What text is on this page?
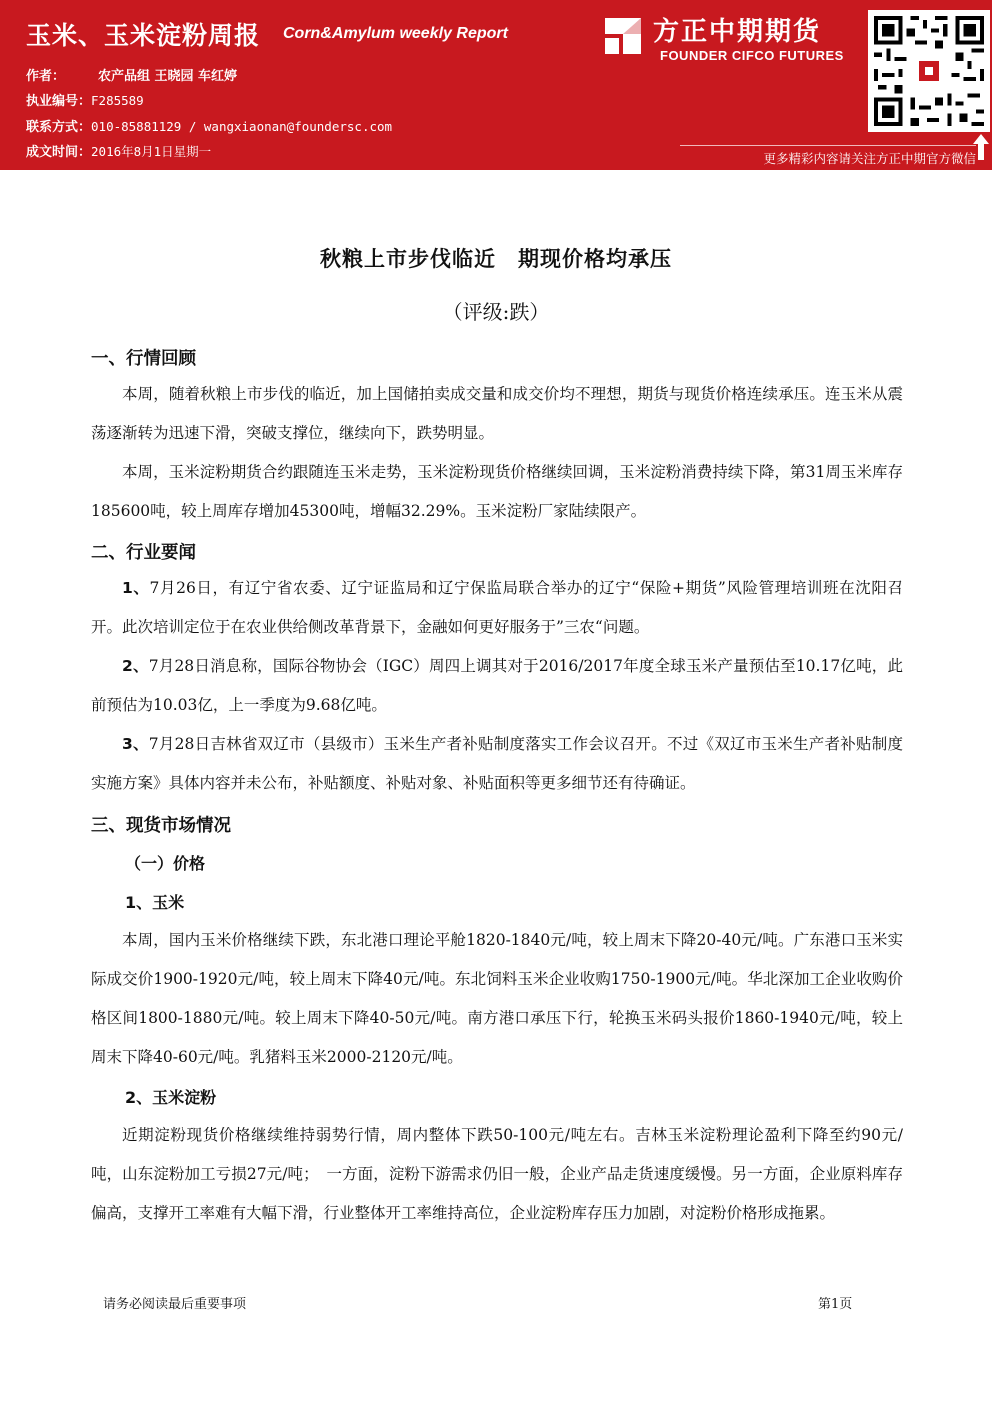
玉米、玉米淀粉周报 Corn&Amylum weekly Report
作者：	农产品组 王晓园 车红婷
执业编号：F285589
联系方式：010-85881129 / wangxiaonan@foundersc.com
成文时间：2016年8月1日星期一
方正中期期货
FOUNDER CIFCO FUTURES
更多精彩内容请关注方正中期官方微信
秋粮上市步伐临近　期现价格均承压
（评级:跌）
一、行情回顾
本周，随着秋粮上市步伐的临近，加上国储拍卖成交量和成交价均不理想，期货与现货价格连续承压。连玉米从震荡逐渐转为迅速下滑，突破支撑位，继续向下，跌势明显。
本周，玉米淀粉期货合约跟随连玉米走势，玉米淀粉现货价格继续回调，玉米淀粉消费持续下降，第31周玉米库存185600吨，较上周库存增加45300吨，增幅32.29%。玉米淀粉厂家陆续限产。
二、行业要闻
1、7月26日，有辽宁省农委、辽宁证监局和辽宁保监局联合举办的辽宁“保险+期货”风险管理培训班在沈阳召开。此次培训定位于在农业供给侧改革背景下，金融如何更好服务于”三农“问题。
2、7月28日消息称，国际谷物协会（IGC）周四上调其对于2016/2017年度全球玉米产量预估至10.17亿吨，此前预估为10.03亿，上一季度为9.68亿吨。
3、7月28日吉林省双辽市（县级市）玉米生产者补贴制度落实工作会议召开。不过《双辽市玉米生产者补贴制度实施方案》具体内容并未公布，补贴额度、补贴对象、补贴面积等更多细节还有待确证。
三、现货市场情况
（一）价格
1、玉米
本周，国内玉米价格继续下跌，东北港口理论平舱1820-1840元/吨，较上周末下降20-40元/吨。广东港口玉米实际成交价1900-1920元/吨，较上周末下降40元/吨。东北饲料玉米企业收购1750-1900元/吨。华北深加工企业收购价格区间1800-1880元/吨。较上周末下降40-50元/吨。南方港口承压下行，轮换玉米码头报价1860-1940元/吨，较上周末下降40-60元/吨。乳猪料玉米2000-2120元/吨。
2、玉米淀粉
近期淀粉现货价格继续维持弱势行情，周内整体下跌50-100元/吨左右。吉林玉米淀粉理论盈利下降至约90元/吨，山东淀粉加工亏损27元/吨；　一方面，淀粉下游需求仍旧一般，企业产品走货速度缓慢。另一方面，企业原料库存偏高，支撑开工率难有大幅下滑，行业整体开工率维持高位，企业淀粉库存压力加剧，对淀粉价格形成拖累。
请务必阅读最后重要事项	第1页
